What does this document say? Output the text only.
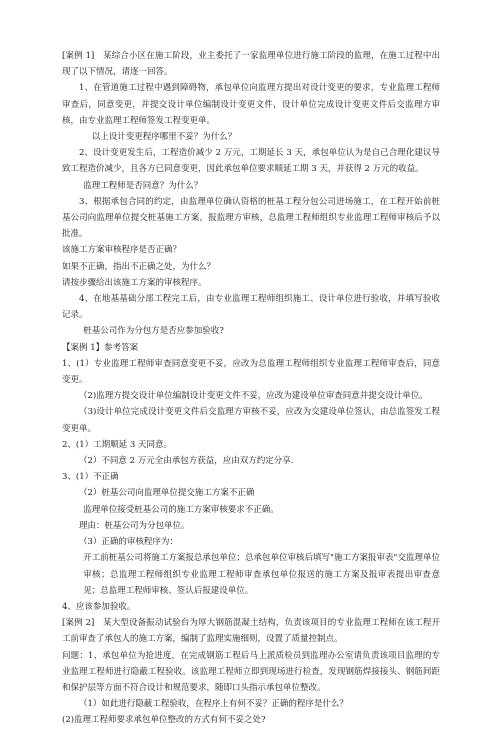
[案例 1]　某综合小区在施工阶段，业主委托了一家监理单位进行施工阶段的监理，在施工过程中出现了以下情况，请逐一回答。

1、在管道施工过程中遇到障碍物，承包单位向监理方提出对设计变更的要求，专业监理工程师审查后，同意变更，并提交设计单位编制设计变更文件，设计单位完成设计变更文件后交监理方审核，由专业监理工程师签发工程变更单。

以上设计变更程序哪里不妥？为什么？

2、设计变更发生后，工程造价减少 2 万元，工期延长 3 天，承包单位认为是自己合理化建议导致工程造价减少，且各方已同意变更，因此承包单位要求顺延工期 3 天，并获得 2 万元的收益。

监理工程师是否同意？为什么？

3、根据承包合同的约定，由监理单位确认资格的桩基工程分包公司进场施工，在工程开始前桩基公司向监理单位提交桩基施工方案，报监理方审核，总监理工程师组织专业监理工程师审核后予以批准。

该施工方案审核程序是否正确？

如果不正确，指出不正确之处，为什么？

请按步骤给出该施工方案的审核程序。

4、在地基基础分部工程完工后，由专业监理工程师组织施工、设计单位进行验收，并填写验收记录。

桩基公司作为分包方是否应参加验收?

【案例 1】参考答案

1、(1）专业监理工程师审查同意变更不妥，应改为总监理工程师组织专业监理工程师审查后，同意变更。

（2)监理方提交设计单位编制设计变更文件不妥，应改为建设单位审查同意并提交设计单位。

（3)设计单位完成设计变更文件后交监理方审核不妥，应改为交建设单位签认，由总监签发工程变更单。

2、(1）工期顺延 3 天同意。

（2）不同意 2 万元全由承包方获益，应由双方约定分享.

3、(1）不正确

（2）桩基公司向监理单位提交施工方案不正确

监理单位接受桩基公司的施工方案审核要求不正确。

理由：桩基公司为分包单位。

（3）正确的审核程序为：

开工前桩基公司将施工方案报总承包单位；总承包单位审核后填写"施工方案报审表"交监理单位审核；总监理工程师组织专业监理工程师审查承包单位报送的施工方案及报审表提出审查意见；总监理工程师审核、签认后报建设单位。

4、应该参加验收。

[案例 2]　某大型设备振动试验台为厚大钢筋混凝土结构，负责该项目的专业监理工程师在该工程开工前审查了承包人的施工方案，编制了监理实施细则，设置了质量控制点。

问题：1、承包单位为抢进度，在完成钢筋工程后马上派质检员到监理办公室请负责该项目监理的专业监理工程师进行隐蔽工程验收。该监理工程师立即到现场进行检查，发现钢筋焊接接头、钢筋间距和保护层等方面不符合设计和规范要求，随即口头指示承包单位整改。

（1）如此进行隐蔽工程验收，在程序上有何不妥？正确的程序是什么？

(2)监理工程师要求承包单位整改的方式有何不妥之处?
